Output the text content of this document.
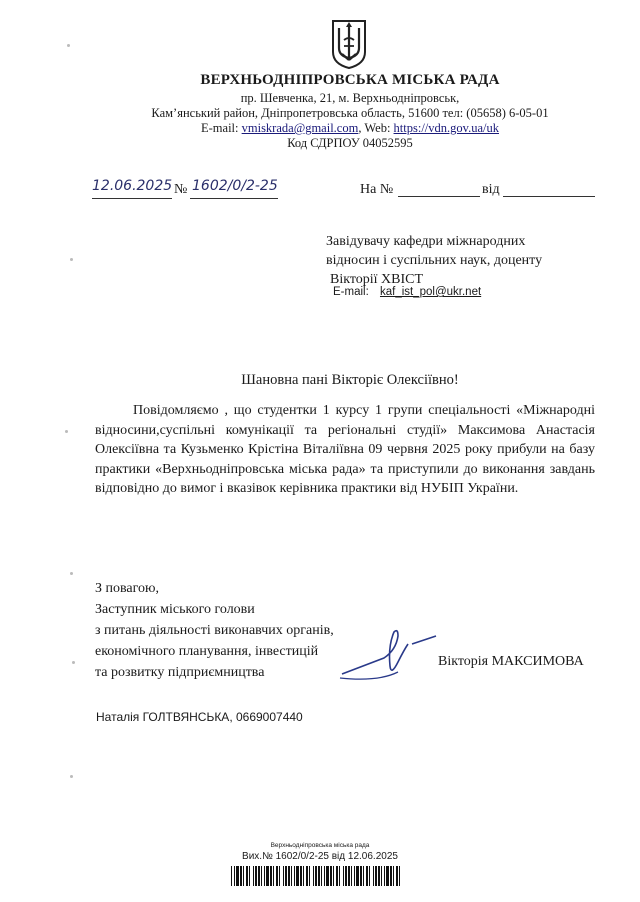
ВЕРХНЬОДНІПРОВСЬКА МІСЬКА РАДА
пр. Шевченка, 21, м. Верхньодніпровськ,
Кам’янський район, Дніпропетровська область, 51600 тел: (05658) 6-05-01
E-mail: vmiskrada@gmail.com, Web: https://vdn.gov.ua/uk
Код СДРПОУ 04052595
12.06.2025 № 1602/0/2-25	На №	від
Завідувачу кафедри міжнародних
відносин і суспільних наук, доценту
Вікторії ХВІСТ
E-mail: kaf_ist_pol@ukr.net
Шановна пані Вікторіє Олексіївно!
Повідомляємо , що студентки 1 курсу 1 групи спеціальності «Міжнародні відносини,суспільні комунікації та регіональні студії» Максимова Анастасія Олексіївна та Кузьменко Крістіна Віталіївна 09 червня 2025 року прибули на базу практики «Верхньодніпровська міська рада» та приступили до виконання завдань відповідно до вимог і вказівок керівника практики від НУБІП України.
З повагою,
Заступник міського голови
з питань діяльності виконавчих органів,
економічного планування, інвестицій
та розвитку підприємництва
Вікторія МАКСИМОВА
Наталія ГОЛТВЯНСЬКА, 0669007440
Верхньодніпровська міська рада
Вих.№ 1602/0/2-25 від 12.06.2025
